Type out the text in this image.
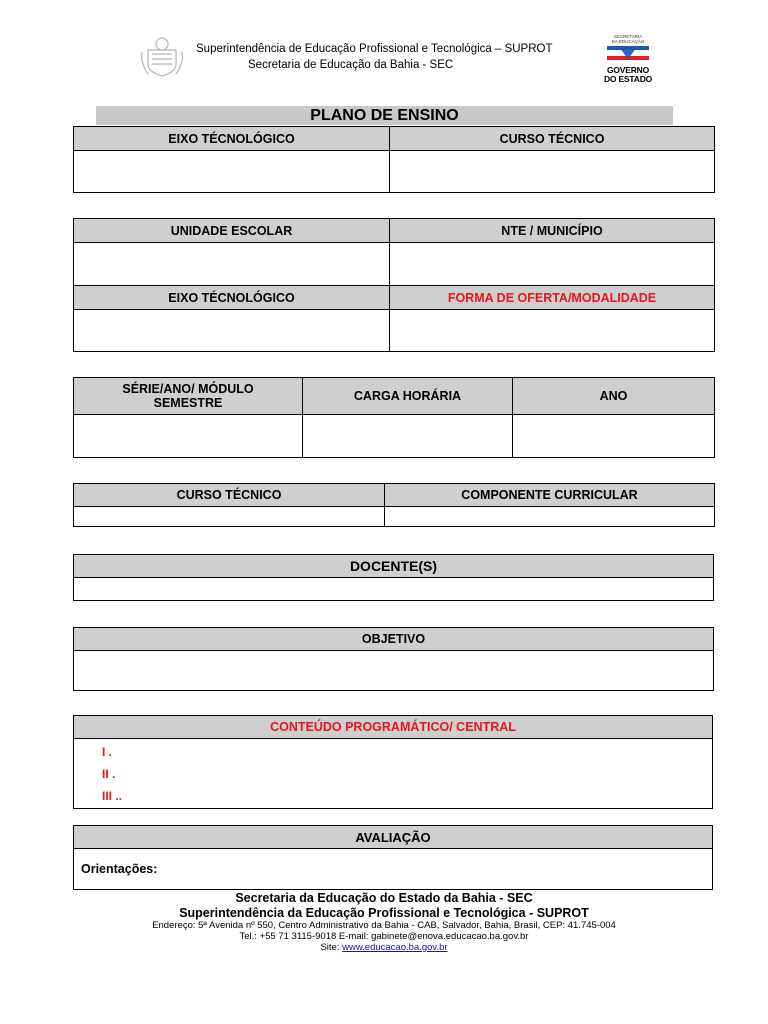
Superintendência de Educação Profissional e Tecnológica – SUPROT
Secretaria de Educação da Bahia - SEC
SECRETARIA
DA EDUCAÇÃO
GOVERNO
DO ESTADO
PLANO DE ENSINO
EIXO TÉCNOLÓGICO	CURSO TÉCNICO

UNIDADE ESCOLAR	NTE / MUNICÍPIO

EIXO TÉCNOLÓGICO	FORMA DE OFERTA/MODALIDADE

SÉRIE/ANO/ MÓDULO
SEMESTRE	CARGA HORÁRIA	ANO

CURSO TÉCNICO	COMPONENTE CURRICULAR

DOCENTE(S)

OBJETIVO

CONTEÚDO PROGRAMÁTICO/ CENTRAL

I .
II .
III ..
AVALIAÇÃO
Orientações:
Secretaria da Educação do Estado da Bahia - SEC
Superintendência da Educação Profissional e Tecnológica - SUPROT
Endereço: 5ª Avenida nº 550, Centro Administrativo da Bahia - CAB, Salvador, Bahia, Brasil, CEP: 41.745-004
Tel.: +55 71 3115-9018 E-mail: gabinete@enova.educacao.ba.gov.br
Site: www.educacao.ba.gov.br
